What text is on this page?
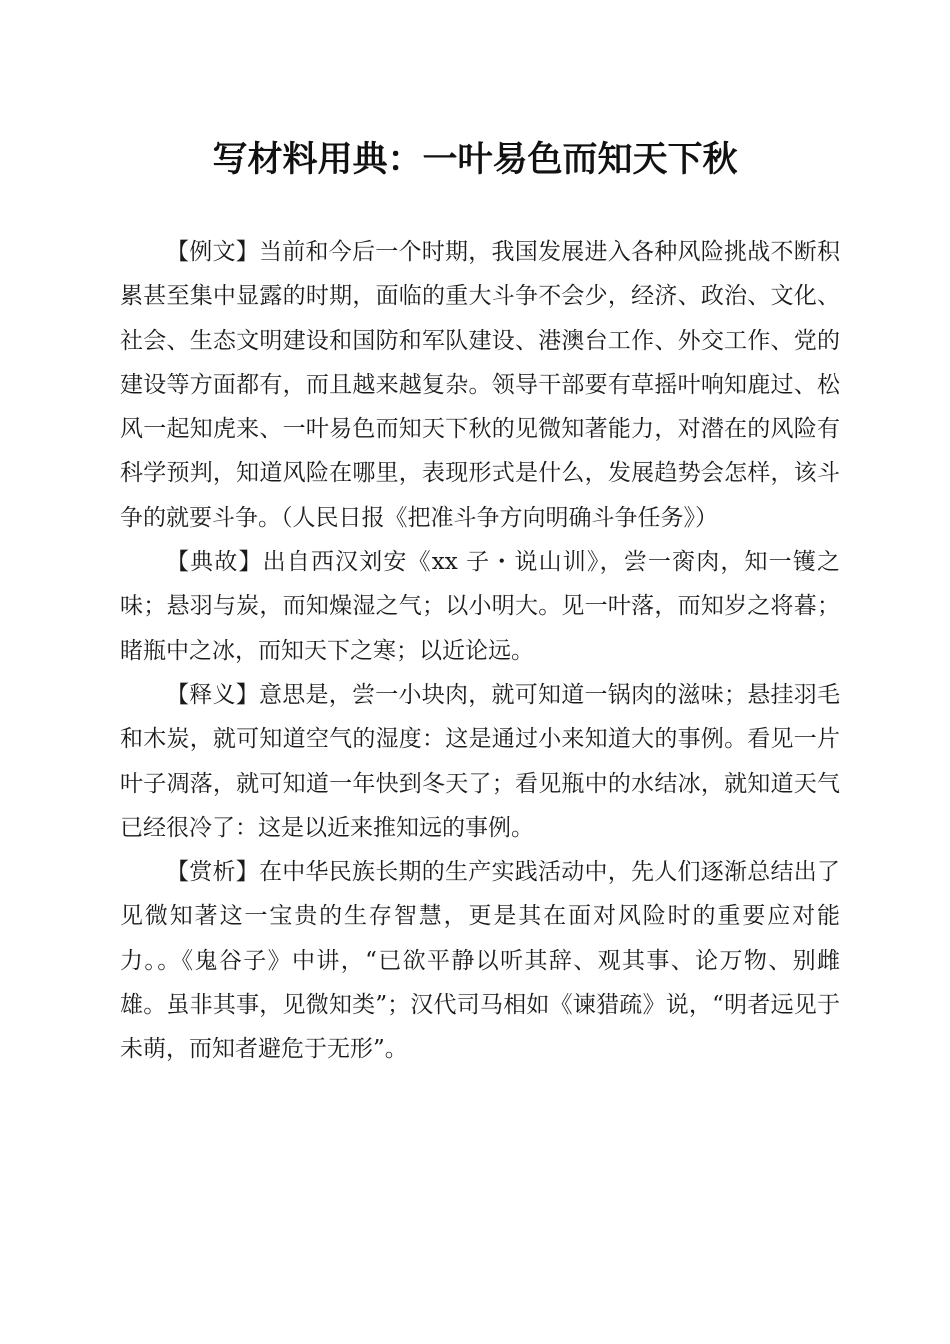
写材料用典：一叶易色而知天下秋

【例文】当前和今后一个时期，我国发展进入各种风险挑战不断积累甚至集中显露的时期，面临的重大斗争不会少，经济、政治、文化、社会、生态文明建设和国防和军队建设、港澳台工作、外交工作、党的建设等方面都有，而且越来越复杂。领导干部要有草摇叶响知鹿过、松风一起知虎来、一叶易色而知天下秋的见微知著能力，对潜在的风险有科学预判，知道风险在哪里，表现形式是什么，发展趋势会怎样，该斗争的就要斗争。（人民日报《把准斗争方向明确斗争任务》）

【典故】出自西汉刘安《xx 子・说山训》，尝一脔肉，知一镬之味；悬羽与炭，而知燥湿之气；以小明大。见一叶落，而知岁之将暮；睹瓶中之冰，而知天下之寒；以近论远。

【释义】意思是，尝一小块肉，就可知道一锅肉的滋味；悬挂羽毛和木炭，就可知道空气的湿度：这是通过小来知道大的事例。看见一片叶子凋落，就可知道一年快到冬天了；看见瓶中的水结冰，就知道天气已经很冷了：这是以近来推知远的事例。

【赏析】在中华民族长期的生产实践活动中，先人们逐渐总结出了见微知著这一宝贵的生存智慧，更是其在面对风险时的重要应对能力。。《鬼谷子》中讲，“已欲平静以听其辞、观其事、论万物、别雌雄。虽非其事，见微知类”；汉代司马相如《谏猎疏》说，“明者远见于未萌，而知者避危于无形”。
